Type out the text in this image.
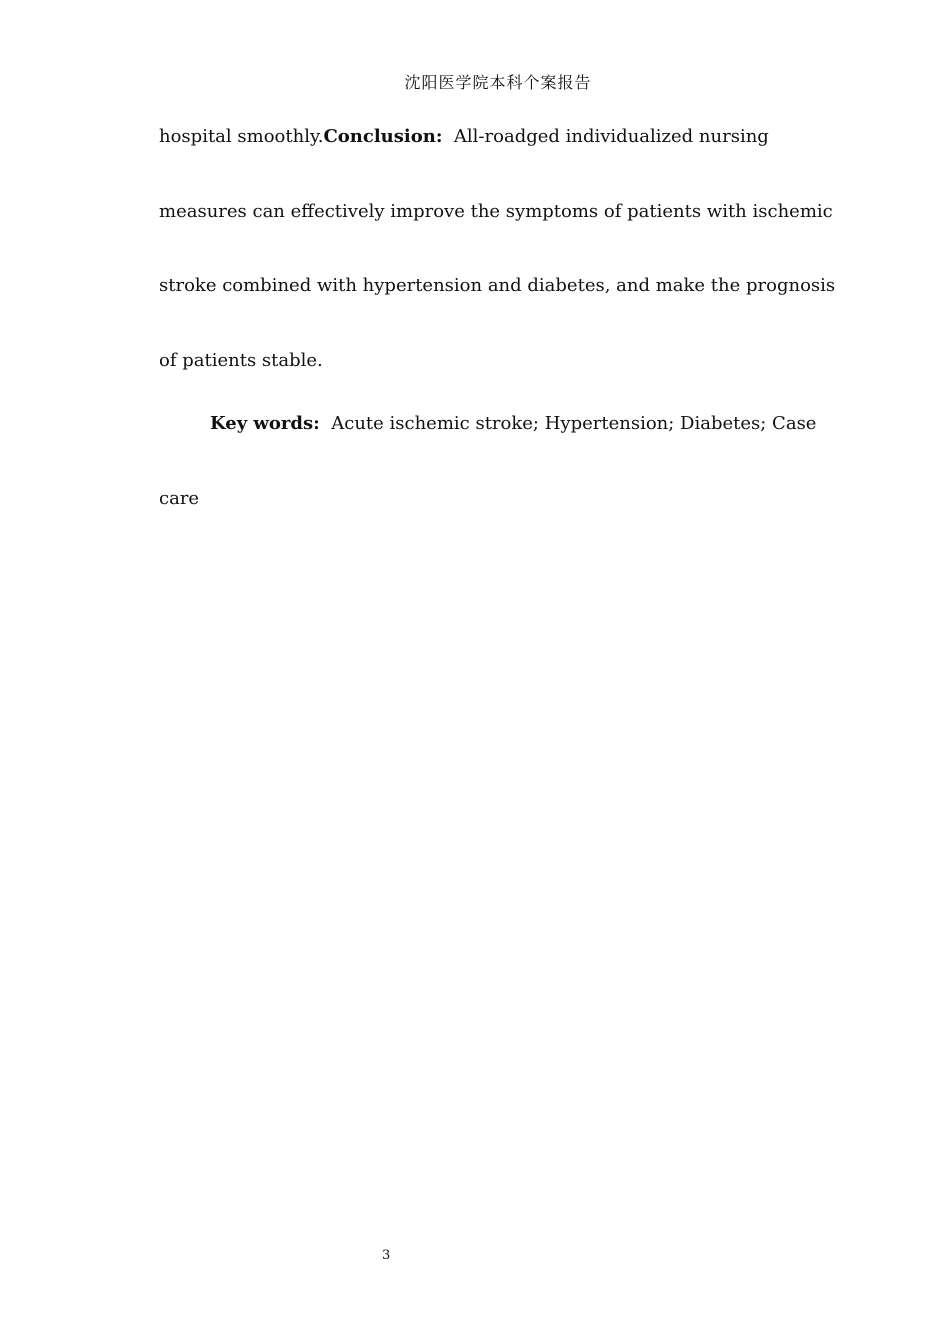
沈阳医学院本科个案报告
hospital smoothly.Conclusion: All-roadged individualized nursing
measures can effectively improve the symptoms of patients with ischemic
stroke combined with hypertension and diabetes, and make the prognosis
of patients stable.
Key words: Acute ischemic stroke; Hypertension; Diabetes; Case
care
3
